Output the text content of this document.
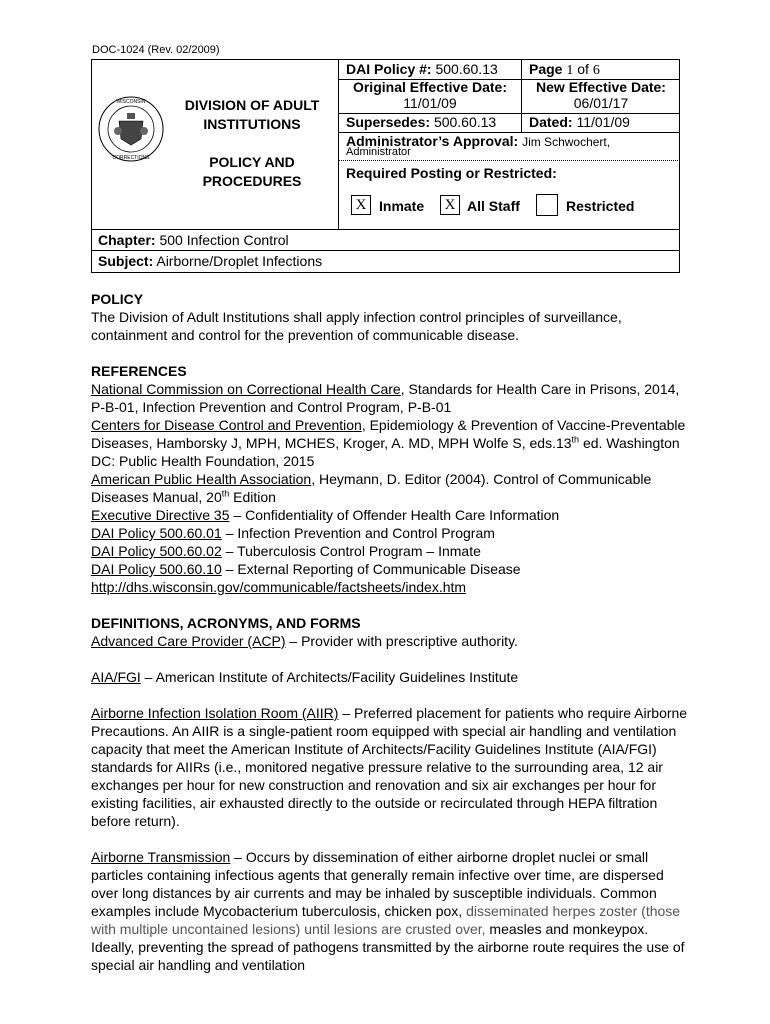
DOC-1024 (Rev. 02/2009)
WISCONSIN
CORRECTIONS
DIVISION OF ADULT
INSTITUTIONS
POLICY AND
PROCEDURES
DAI Policy #: 500.60.13 Page 1 of 6
Original Effective Date:
11/01/09
New Effective Date:
06/01/17
Supersedes: 500.60.13 Dated: 11/01/09
Administrator’s Approval: Jim Schwochert,
Administrator
Required Posting or Restricted:
X Inmate	X All Staff	Restricted
Chapter: 500 Infection Control
Subject: Airborne/Droplet Infections
POLICY

The Division of Adult Institutions shall apply infection control principles of surveillance, containment and control for the prevention of communicable disease.

REFERENCES

National Commission on Correctional Health Care, Standards for Health Care in Prisons, 2014, P-B-01, Infection Prevention and Control Program, P-B-01

Centers for Disease Control and Prevention, Epidemiology & Prevention of Vaccine-Preventable Diseases, Hamborsky J, MPH, MCHES, Kroger, A. MD, MPH Wolfe S, eds.13th ed. Washington DC: Public Health Foundation, 2015

American Public Health Association, Heymann, D. Editor (2004). Control of Communicable Diseases Manual, 20th Edition

Executive Directive 35 – Confidentiality of Offender Health Care Information

DAI Policy 500.60.01 – Infection Prevention and Control Program

DAI Policy 500.60.02 – Tuberculosis Control Program – Inmate

DAI Policy 500.60.10 – External Reporting of Communicable Disease

http://dhs.wisconsin.gov/communicable/factsheets/index.htm

DEFINITIONS, ACRONYMS, AND FORMS

Advanced Care Provider (ACP) – Provider with prescriptive authority.

AIA/FGI – American Institute of Architects/Facility Guidelines Institute

Airborne Infection Isolation Room (AIIR) – Preferred placement for patients who require Airborne Precautions. An AIIR is a single-patient room equipped with special air handling and ventilation capacity that meet the American Institute of Architects/Facility Guidelines Institute (AIA/FGI) standards for AIIRs (i.e., monitored negative pressure relative to the surrounding area, 12 air exchanges per hour for new construction and renovation and six air exchanges per hour for existing facilities, air exhausted directly to the outside or recirculated through HEPA filtration before return).

Airborne Transmission – Occurs by dissemination of either airborne droplet nuclei or small particles containing infectious agents that generally remain infective over time, are dispersed over long distances by air currents and may be inhaled by susceptible individuals. Common examples include Mycobacterium tuberculosis, chicken pox, disseminated herpes zoster (those with multiple uncontained lesions) until lesions are crusted over, measles and monkeypox. Ideally, preventing the spread of pathogens transmitted by the airborne route requires the use of special air handling and ventilation
